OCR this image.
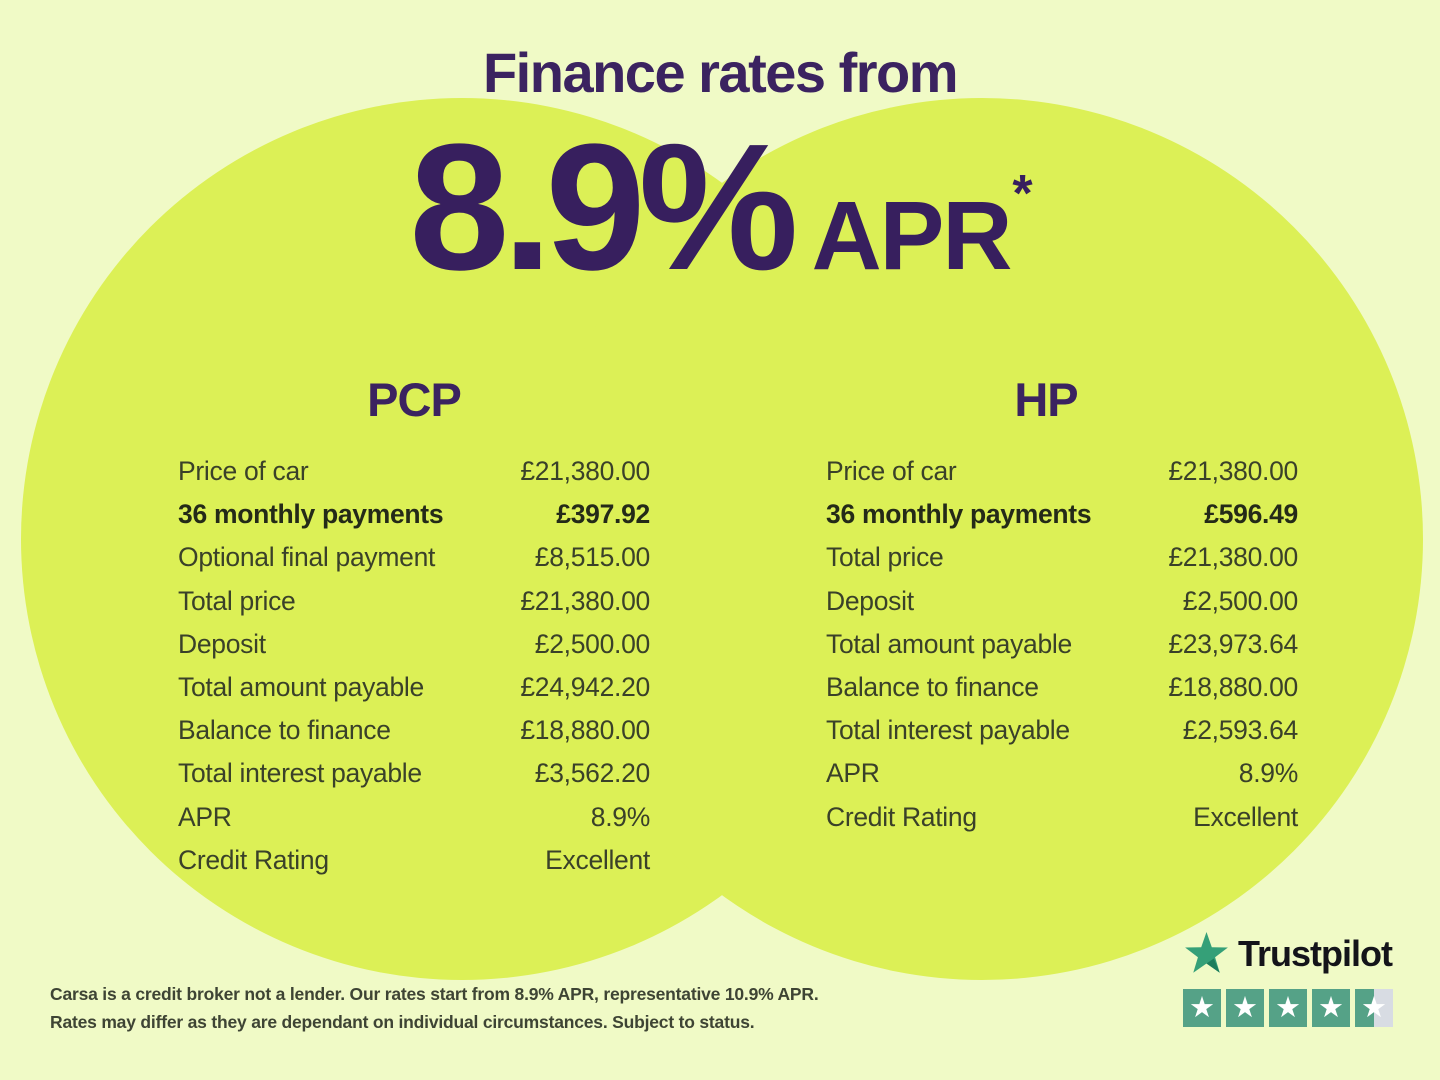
Finance rates from
8.9% APR*
PCP	HP
Price of car	£21,380.00
36 monthly payments	£397.92
Optional final payment	£8,515.00
Total price	£21,380.00
Deposit	£2,500.00
Total amount payable	£24,942.20
Balance to finance	£18,880.00
Total interest payable	£3,562.20
APR	8.9%
Credit Rating	Excellent
Price of car	£21,380.00
36 monthly payments	£596.49
Total price	£21,380.00
Deposit	£2,500.00
Total amount payable	£23,973.64
Balance to finance	£18,880.00
Total interest payable	£2,593.64
APR	8.9%
Credit Rating	Excellent
Carsa is a credit broker not a lender. Our rates start from 8.9% APR, representative 10.9% APR.
Rates may differ as they are dependant on individual circumstances. Subject to status.
Trustpilot
★ ★ ★ ★ ★
